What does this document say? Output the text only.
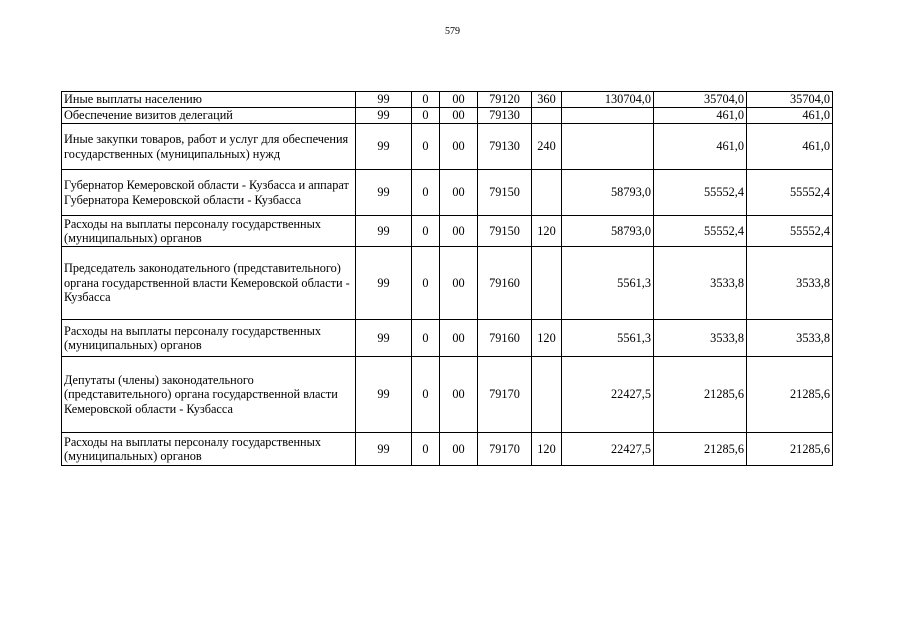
579
Иные выплаты населению	99	0	00	79120	360	130704,0	35704,0	35704,0
Обеспечение визитов делегаций	99	0	00	79130			461,0	461,0
Иные закупки товаров, работ и услуг для обеспечения государственных (муниципальных) нужд	99	0	00	79130	240		461,0	461,0
Губернатор Кемеровской области - Кузбасса и аппарат Губернатора Кемеровской области - Кузбасса	99	0	00	79150		58793,0	55552,4	55552,4
Расходы на выплаты персоналу государственных (муниципальных) органов	99	0	00	79150	120	58793,0	55552,4	55552,4
Председатель законодательного (представительного) органа государственной власти Кемеровской области - Кузбасса	99	0	00	79160		5561,3	3533,8	3533,8
Расходы на выплаты персоналу государственных (муниципальных) органов	99	0	00	79160	120	5561,3	3533,8	3533,8
Депутаты (члены) законодательного (представительного) органа государственной власти Кемеровской области - Кузбасса	99	0	00	79170		22427,5	21285,6	21285,6
Расходы на выплаты персоналу государственных (муниципальных) органов	99	0	00	79170	120	22427,5	21285,6	21285,6
